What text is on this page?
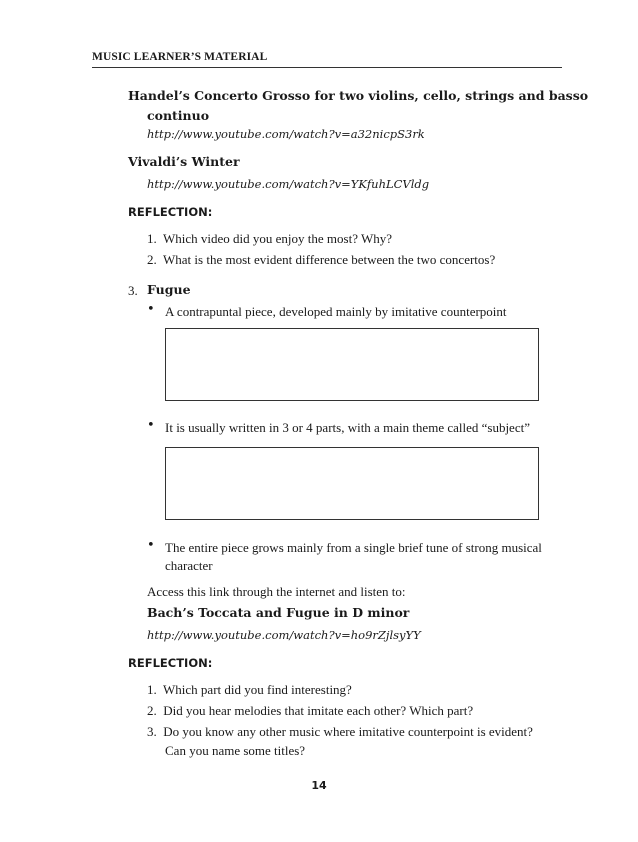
MUSIC LEARNER’S MATERIAL
Handel’s Concerto Grosso for two violins, cello, strings and basso
continuo
http://www.youtube.com/watch?v=a32nicpS3rk
Vivaldi’s Winter
http://www.youtube.com/watch?v=YKfuhLCVldg
REFLECTION:
1. Which video did you enjoy the most? Why?
2. What is the most evident difference between the two concertos?
3. Fugue
• A contrapuntal piece, developed mainly by imitative counterpoint
• It is usually written in 3 or 4 parts, with a main theme called “subject”
• The entire piece grows mainly from a single brief tune of strong musical
character
Access this link through the internet and listen to:
Bach’s Toccata and Fugue in D minor
http://www.youtube.com/watch?v=ho9rZjlsyYY
REFLECTION:
1. Which part did you find interesting?
2. Did you hear melodies that imitate each other? Which part?
3. Do you know any other music where imitative counterpoint is evident?
Can you name some titles?
14
